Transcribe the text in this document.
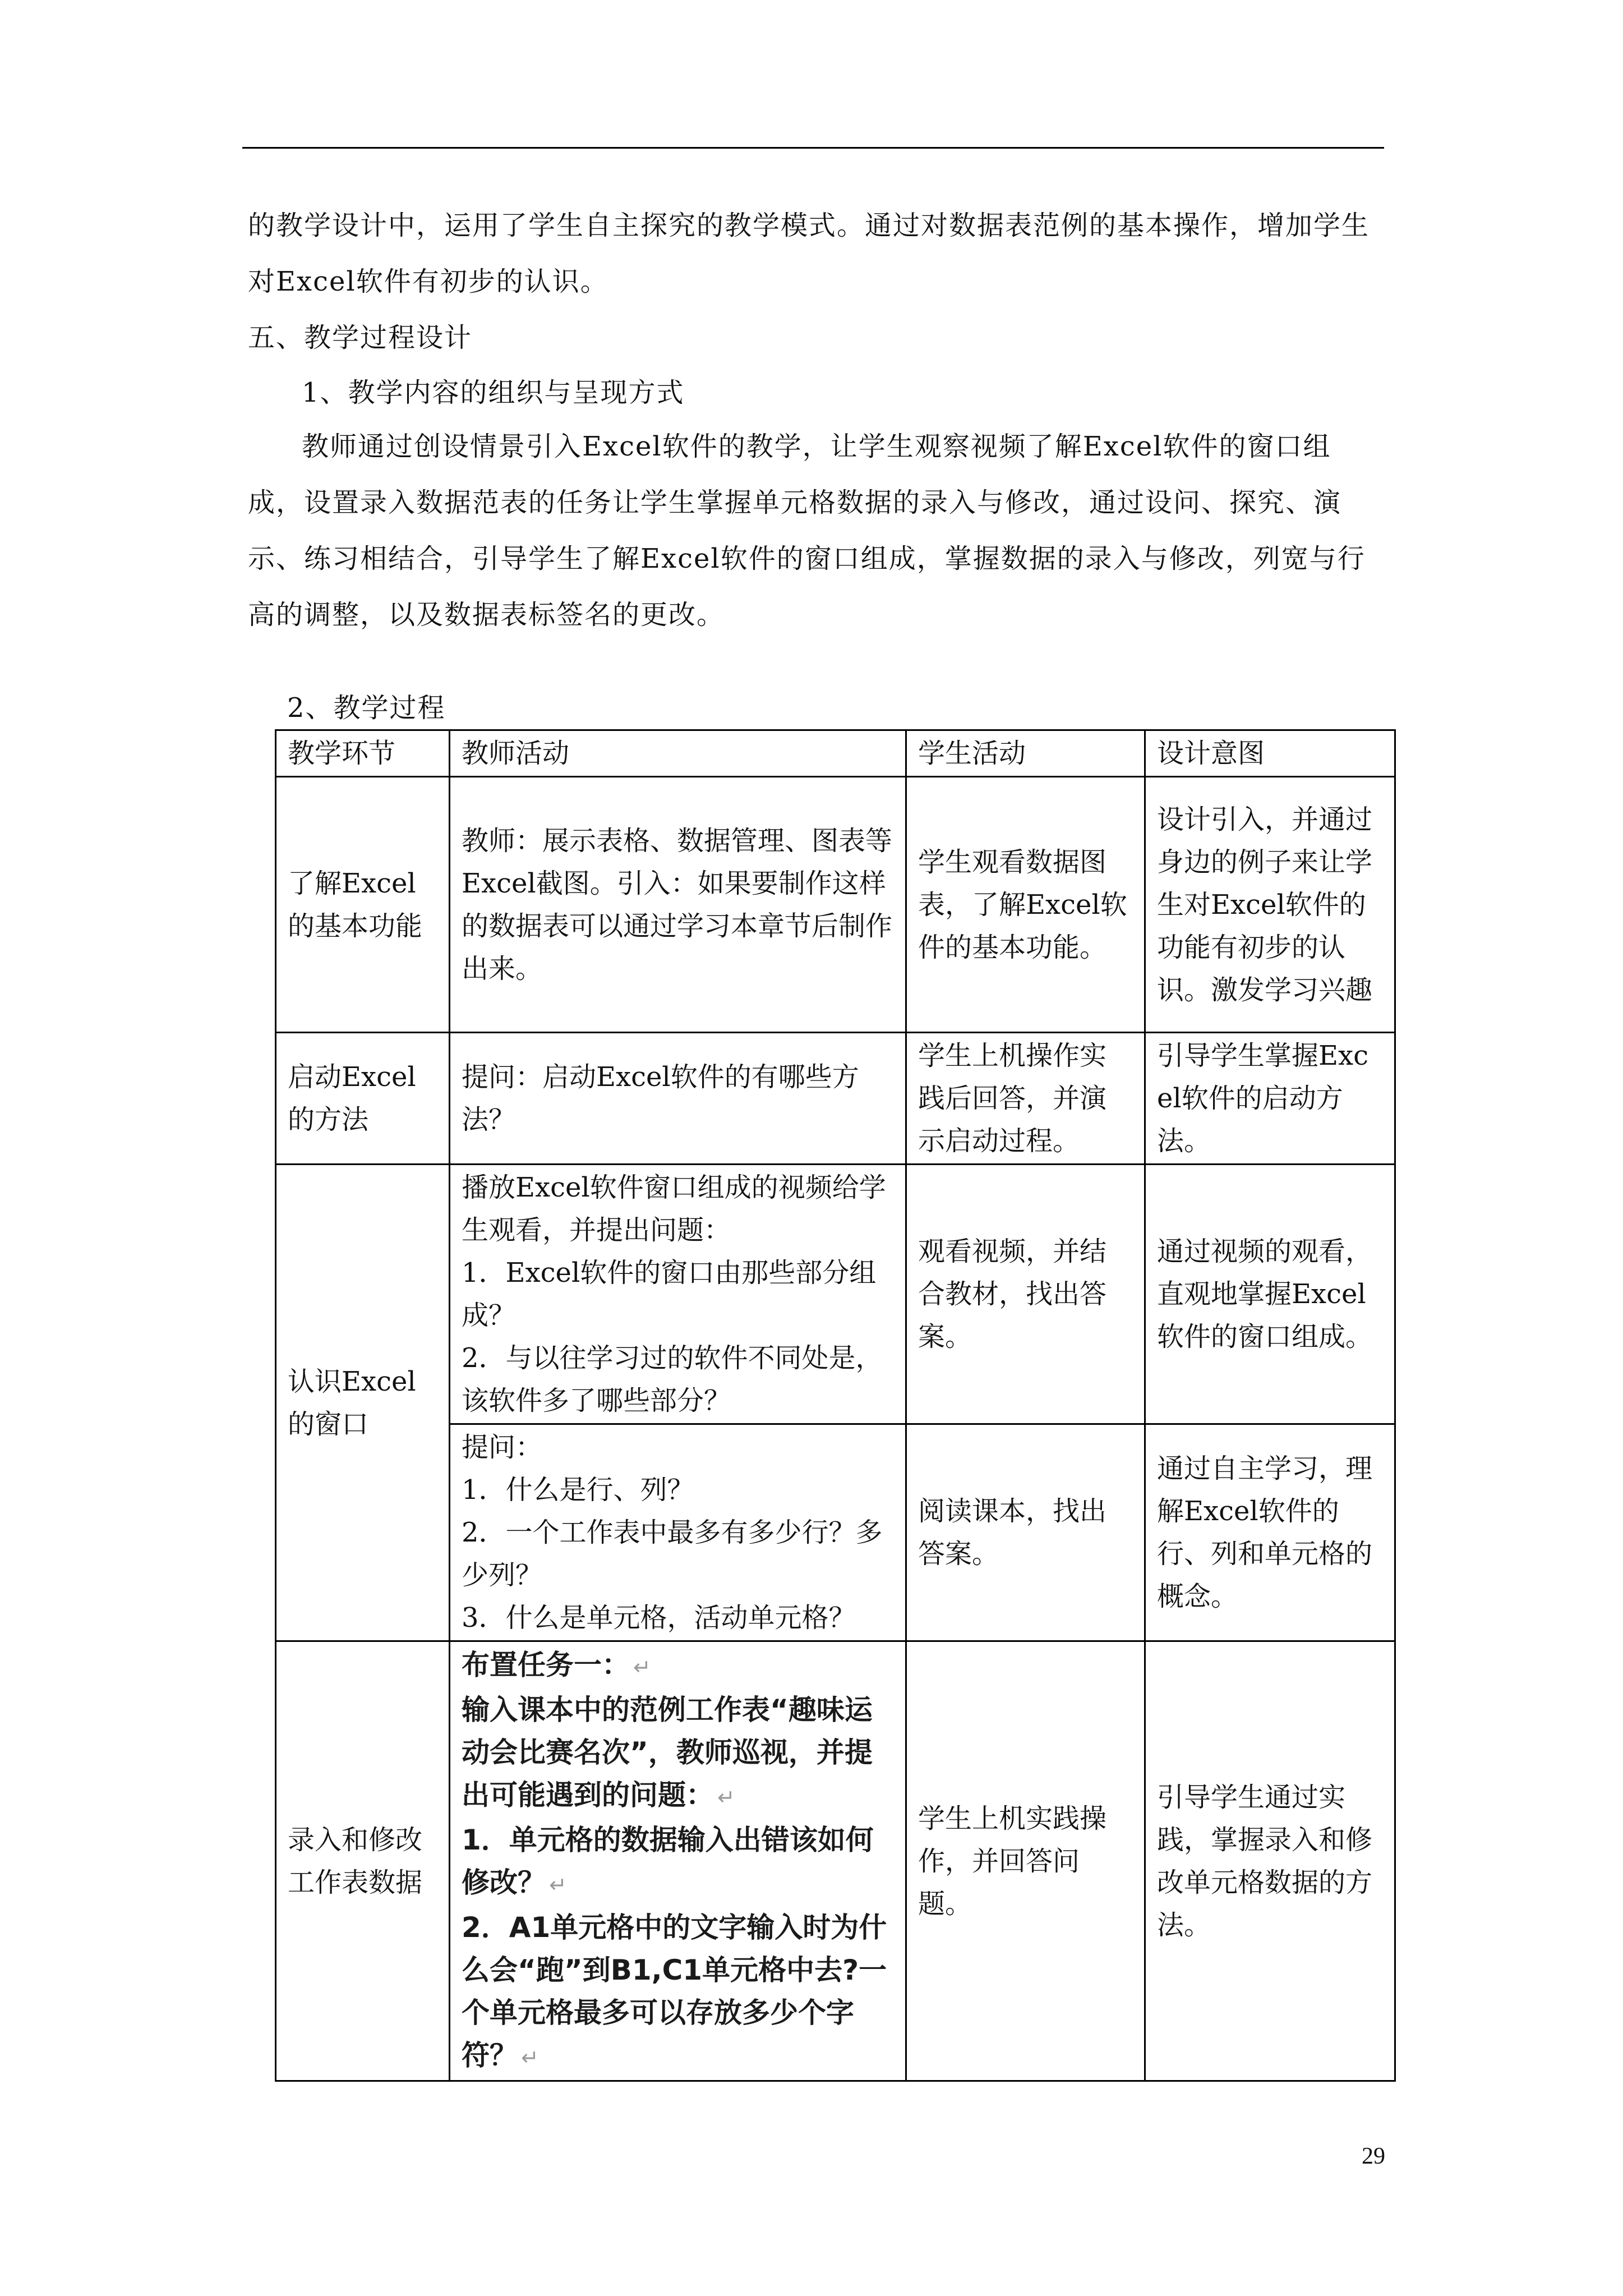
的教学设计中，运用了学生自主探究的教学模式。通过对数据表范例的基本操作，增加学生对Excel软件有初步的认识。
五、教学过程设计
1、教学内容的组织与呈现方式
教师通过创设情景引入Excel软件的教学，让学生观察视频了解Excel软件的窗口组成，设置录入数据范表的任务让学生掌握单元格数据的录入与修改，通过设问、探究、演示、练习相结合，引导学生了解Excel软件的窗口组成，掌握数据的录入与修改，列宽与行高的调整，以及数据表标签名的更改。
2、教学过程
教学环节	教师活动	学生活动	设计意图
了解Excel的基本功能	教师：展示表格、数据管理、图表等Excel截图。引入：如果要制作这样的数据表可以通过学习本章节后制作出来。	学生观看数据图表，了解Excel软件的基本功能。	设计引入，并通过身边的例子来让学生对Excel软件的功能有初步的认识。激发学习兴趣
启动Excel的方法	提问：启动Excel软件的有哪些方法？	学生上机操作实践后回答，并演示启动过程。	引导学生掌握Excel软件的启动方法。
认识Excel的窗口	播放Excel软件窗口组成的视频给学生观看，并提出问题：
1．Excel软件的窗口由那些部分组成？
2．与以往学习过的软件不同处是，该软件多了哪些部分？	观看视频，并结合教材，找出答案。	通过视频的观看，直观地掌握Excel软件的窗口组成。

	提问：
1．什么是行、列？
2．一个工作表中最多有多少行？多少列？
3．什么是单元格，活动单元格？	阅读课本，找出答案。	通过自主学习，理解Excel软件的行、列和单元格的概念。
录入和修改工作表数据	布置任务一： ↵
输入课本中的范例工作表“趣味运动会比赛名次”，教师巡视，并提出可能遇到的问题： ↵
1．单元格的数据输入出错该如何修改？ ↵
2．A1单元格中的文字输入时为什么会“跑”到B1,C1单元格中去?一个单元格最多可以存放多少个字符？ ↵	学生上机实践操作，并回答问题。	引导学生通过实践，掌握录入和修改单元格数据的方法。
29
